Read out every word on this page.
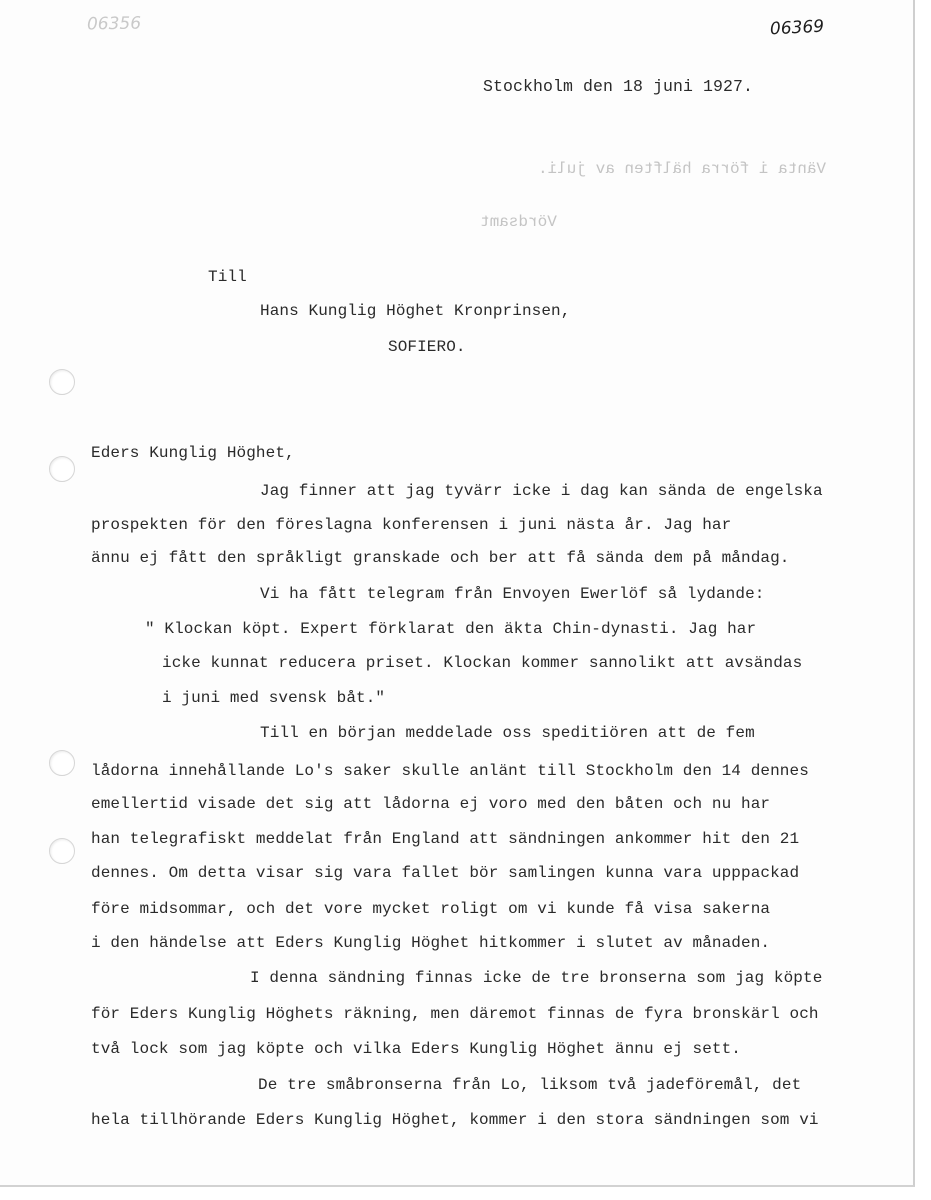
06356	06369
Stockholm den 18 juni 1927.
Vänta i förra hälften av juli.
Vördsamt
Till
Hans Kunglig Höghet Kronprinsen,
SOFIERO.
Eders Kunglig Höghet,
Jag finner att jag tyvärr icke i dag kan sända de engelska
prospekten för den föreslagna konferensen i juni nästa år. Jag har
ännu ej fått den språkligt granskade och ber att få sända dem på måndag.
Vi ha fått telegram från Envoyen Ewerlöf så lydande:
" Klockan köpt. Expert förklarat den äkta Chin-dynasti. Jag har
icke kunnat reducera priset. Klockan kommer sannolikt att avsändas
i juni med svensk båt."
Till en början meddelade oss speditiören att de fem
lådorna innehållande Lo's saker skulle anlänt till Stockholm den 14 dennes
emellertid visade det sig att lådorna ej voro med den båten och nu har
han telegrafiskt meddelat från England att sändningen ankommer hit den 21
dennes. Om detta visar sig vara fallet bör samlingen kunna vara upppackad
före midsommar, och det vore mycket roligt om vi kunde få visa sakerna
i den händelse att Eders Kunglig Höghet hitkommer i slutet av månaden.
I denna sändning finnas icke de tre bronserna som jag köpte
för Eders Kunglig Höghets räkning, men däremot finnas de fyra bronskärl och
två lock som jag köpte och vilka Eders Kunglig Höghet ännu ej sett.
De tre småbronserna från Lo, liksom två jadeföremål, det
hela tillhörande Eders Kunglig Höghet, kommer i den stora sändningen som vi
